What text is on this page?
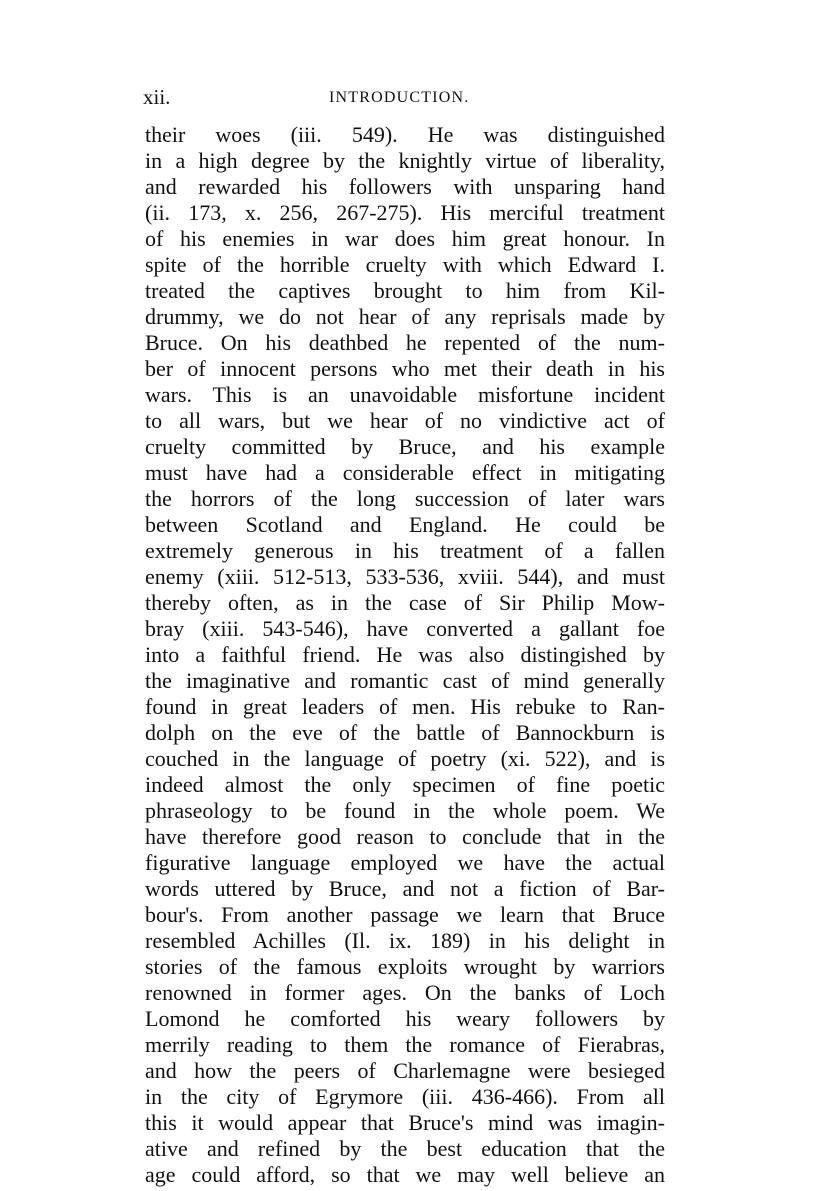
xii.	INTRODUCTION.
their woes (iii. 549). He was distinguished
in a high degree by the knightly virtue of liberality,
and rewarded his followers with unsparing hand
(ii. 173, x. 256, 267-275). His merciful treatment
of his enemies in war does him great honour. In
spite of the horrible cruelty with which Edward I.
treated the captives brought to him from Kil-
drummy, we do not hear of any reprisals made by
Bruce. On his deathbed he repented of the num-
ber of innocent persons who met their death in his
wars. This is an unavoidable misfortune incident
to all wars, but we hear of no vindictive act of
cruelty committed by Bruce, and his example
must have had a considerable effect in mitigating
the horrors of the long succession of later wars
between Scotland and England. He could be
extremely generous in his treatment of a fallen
enemy (xiii. 512-513, 533-536, xviii. 544), and must
thereby often, as in the case of Sir Philip Mow-
bray (xiii. 543-546), have converted a gallant foe
into a faithful friend. He was also distingished by
the imaginative and romantic cast of mind generally
found in great leaders of men. His rebuke to Ran-
dolph on the eve of the battle of Bannockburn is
couched in the language of poetry (xi. 522), and is
indeed almost the only specimen of fine poetic
phraseology to be found in the whole poem. We
have therefore good reason to conclude that in the
figurative language employed we have the actual
words uttered by Bruce, and not a fiction of Bar-
bour's. From another passage we learn that Bruce
resembled Achilles (Il. ix. 189) in his delight in
stories of the famous exploits wrought by warriors
renowned in former ages. On the banks of Loch
Lomond he comforted his weary followers by
merrily reading to them the romance of Fierabras,
and how the peers of Charlemagne were besieged
in the city of Egrymore (iii. 436-466). From all
this it would appear that Bruce's mind was imagin-
ative and refined by the best education that the
age could afford, so that we may well believe an
